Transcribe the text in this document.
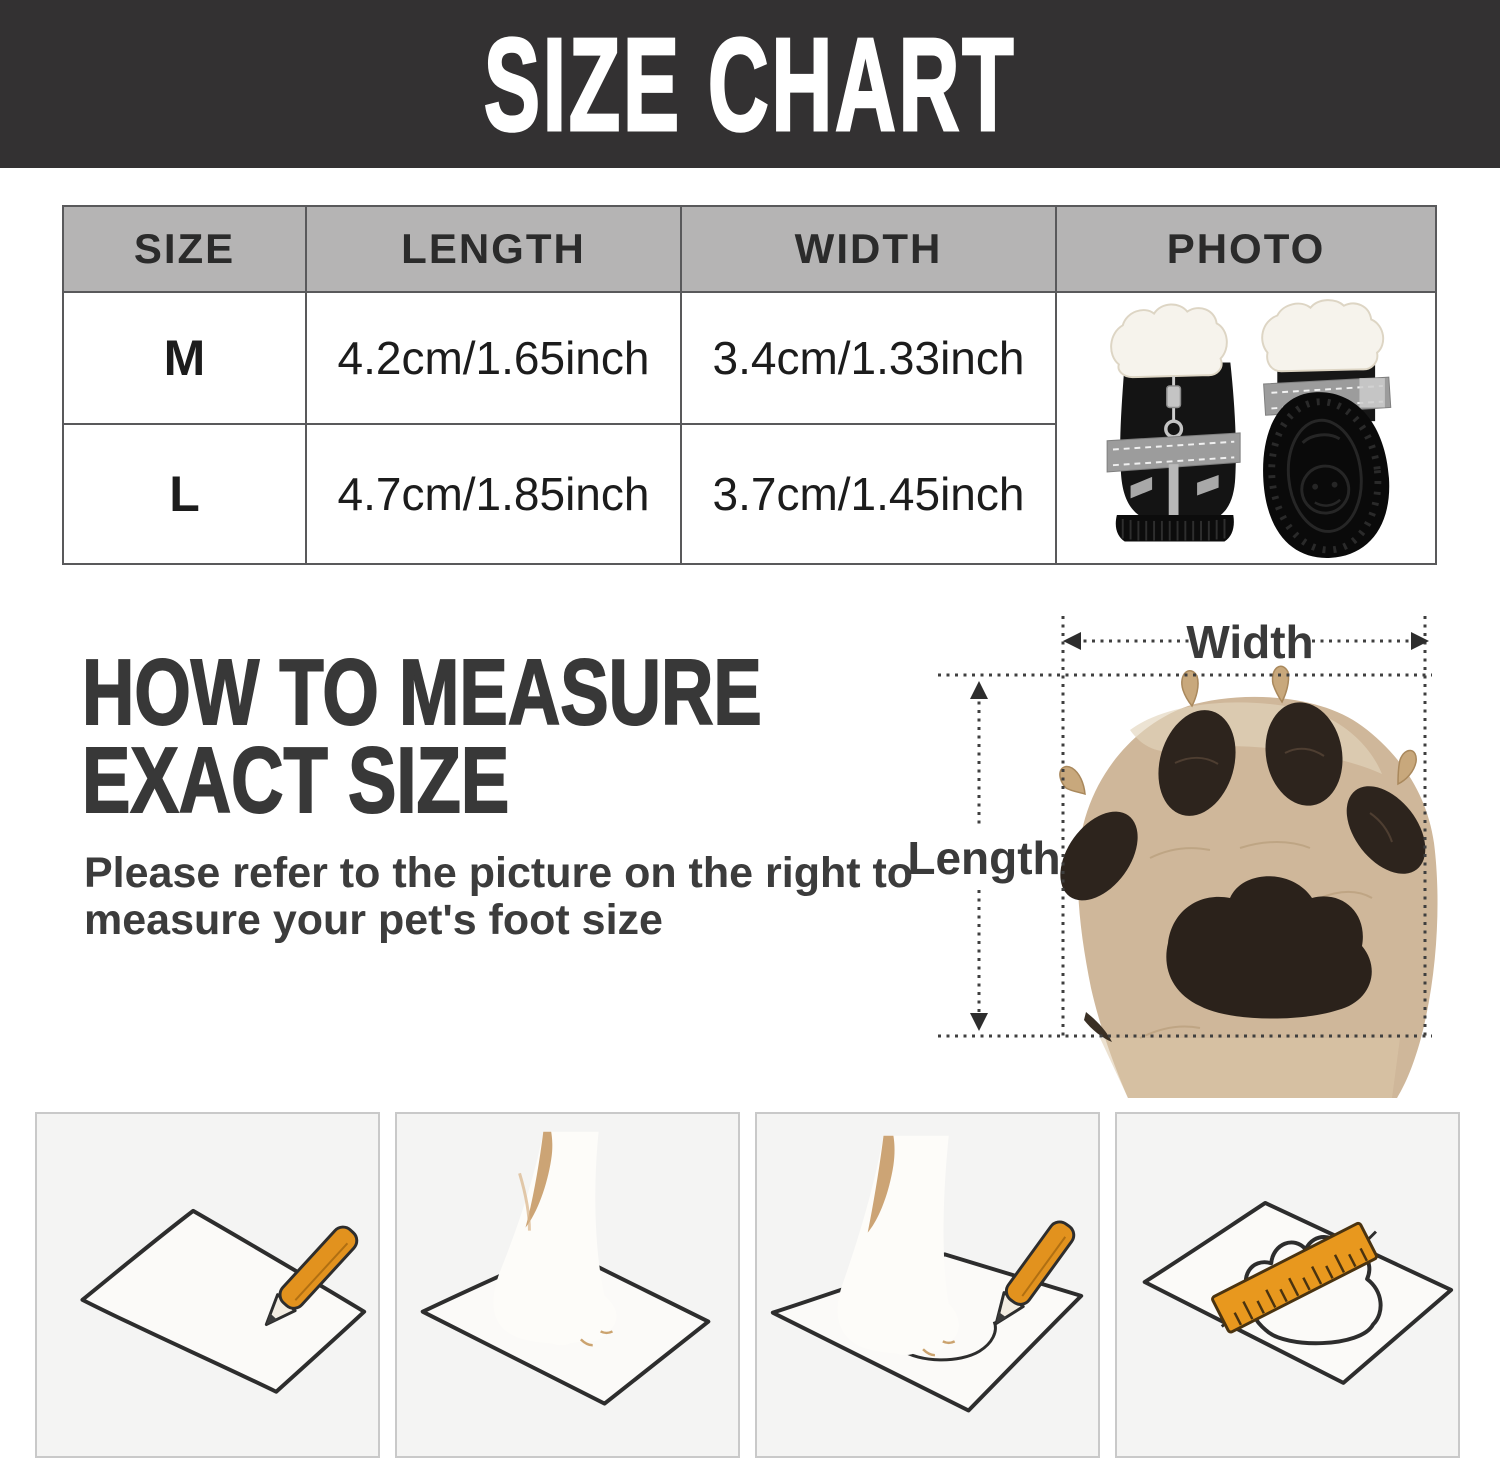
SIZE CHART
SIZE	LENGTH	WIDTH	PHOTO
M	4.2cm/1.65inch	3.4cm/1.33inch
L	4.7cm/1.85inch	3.7cm/1.45inch
HOW TO MEASURE
EXACT SIZE
Please refer to the picture on the right to
measure your pet's foot size
Width
Length
